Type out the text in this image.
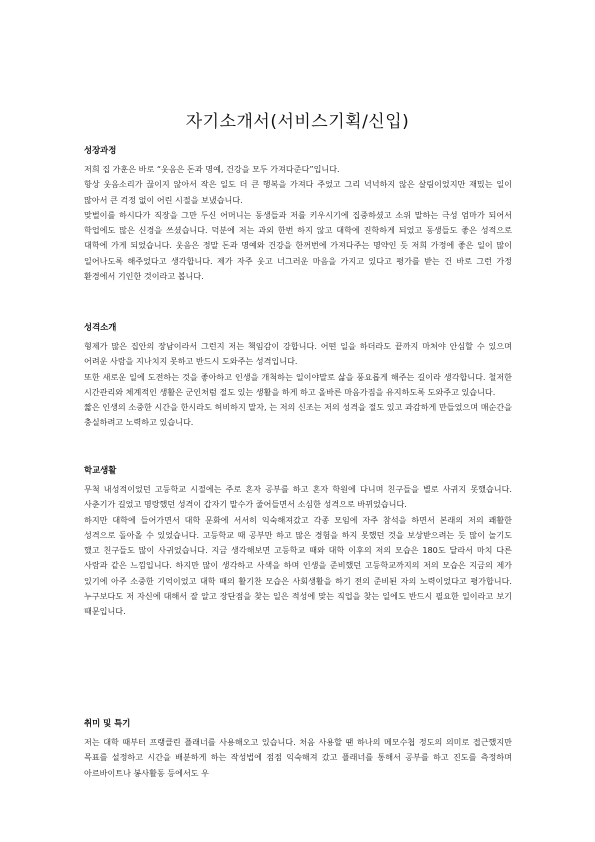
자기소개서(서비스기획/신입)
성장과정

저희 집 가훈은 바로 “웃음은 돈과 명예, 건강을 모두 가져다준다”입니다.

항상 웃음소리가 끊이지 않아서 작은 일도 더 큰 행복을 가져다 주었고 그리 넉넉하지 않은 살림이었지만 재밌는 일이 많아서 큰 걱정 없이 어린 시절을 보냈습니다.

맞벌이를 하시다가 직장을 그만 두신 어머니는 동생들과 저를 키우시기에 집중하셨고 소위 말하는 극성 엄마가 되어서 학업에도 많은 신경을 쓰셨습니다. 덕분에 저는 과외 한번 하지 않고 대학에 진학하게 되었고 동생들도 좋은 성적으로 대학에 가게 되었습니다. 웃음은 정말 돈과 명예와 건강을 한꺼번에 가져다주는 명약인 듯 저희 가정에 좋은 일이 많이 일어나도록 해주었다고 생각합니다. 제가 자주 웃고 너그러운 마음을 가지고 있다고 평가를 받는 건 바로 그런 가정 환경에서 기인한 것이라고 봅니다.

성격소개

형제가 많은 집안의 장남이라서 그런지 저는 책임감이 강합니다. 어떤 일을 하더라도 끝까지 마쳐야 안심할 수 있으며 어려운 사람을 지나치지 못하고 반드시 도와주는 성격입니다.

또한 새로운 일에 도전하는 것을 좋아하고 인생을 개척하는 일이야말로 삶을 풍요롭게 해주는 길이라 생각합니다. 철저한 시간관리와 체계적인 생활은 군인처럼 절도 있는 생활을 하게 하고 올바른 마음가짐을 유지하도록 도와주고 있습니다.

짧은 인생의 소중한 시간을 한시라도 허비하지 말자, 는 저의 신조는 저의 성격을 절도 있고 과감하게 만들었으며 매순간을 충실하려고 노력하고 있습니다.

학교생활

무척 내성적이었던 고등학교 시절에는 주로 혼자 공부를 하고 혼자 학원에 다니며 친구들을 별로 사귀지 못했습니다. 사춘기가 길었고 명랑했던 성격이 갑자기 말수가 줄어들면서 소심한 성격으로 바뀌었습니다.

하지만 대학에 들어가면서 대학 문화에 서서히 익숙해져갔고 각종 모임에 자주 참석을 하면서 본래의 저의 쾌활한 성격으로 돌아올 수 있었습니다. 고등학교 때 공부만 하고 많은 경험을 하지 못했던 것을 보상받으려는 듯 많이 놀기도 했고 친구들도 많이 사귀었습니다. 지금 생각해보면 고등학교 때와 대학 이후의 저의 모습은 180도 달라서 마치 다른 사람과 같은 느낌입니다. 하지만 많이 생각하고 사색을 하며 인생을 준비했던 고등학교까지의 저의 모습은 지금의 제가 있기에 아주 소중한 기억이었고 대학 때의 활기찬 모습은 사회생활을 하기 전의 준비된 자의 노력이었다고 평가합니다. 누구보다도 저 자신에 대해서 잘 알고 장단점을 찾는 일은 적성에 맞는 직업을 찾는 일에도 반드시 필요한 일이라고 보기 때문입니다.

취미 및 특기

저는 대학 때부터 프랭클린 플래너를 사용해오고 있습니다. 처음 사용할 땐 하나의 메모수첩 정도의 의미로 접근했지만 목표를 설정하고 시간을 배분하게 하는 작성법에 점점 익숙해져 갔고 플래너를 통해서 공부를 하고 진도를 측정하며 아르바이트나 봉사활동 등에서도 우
